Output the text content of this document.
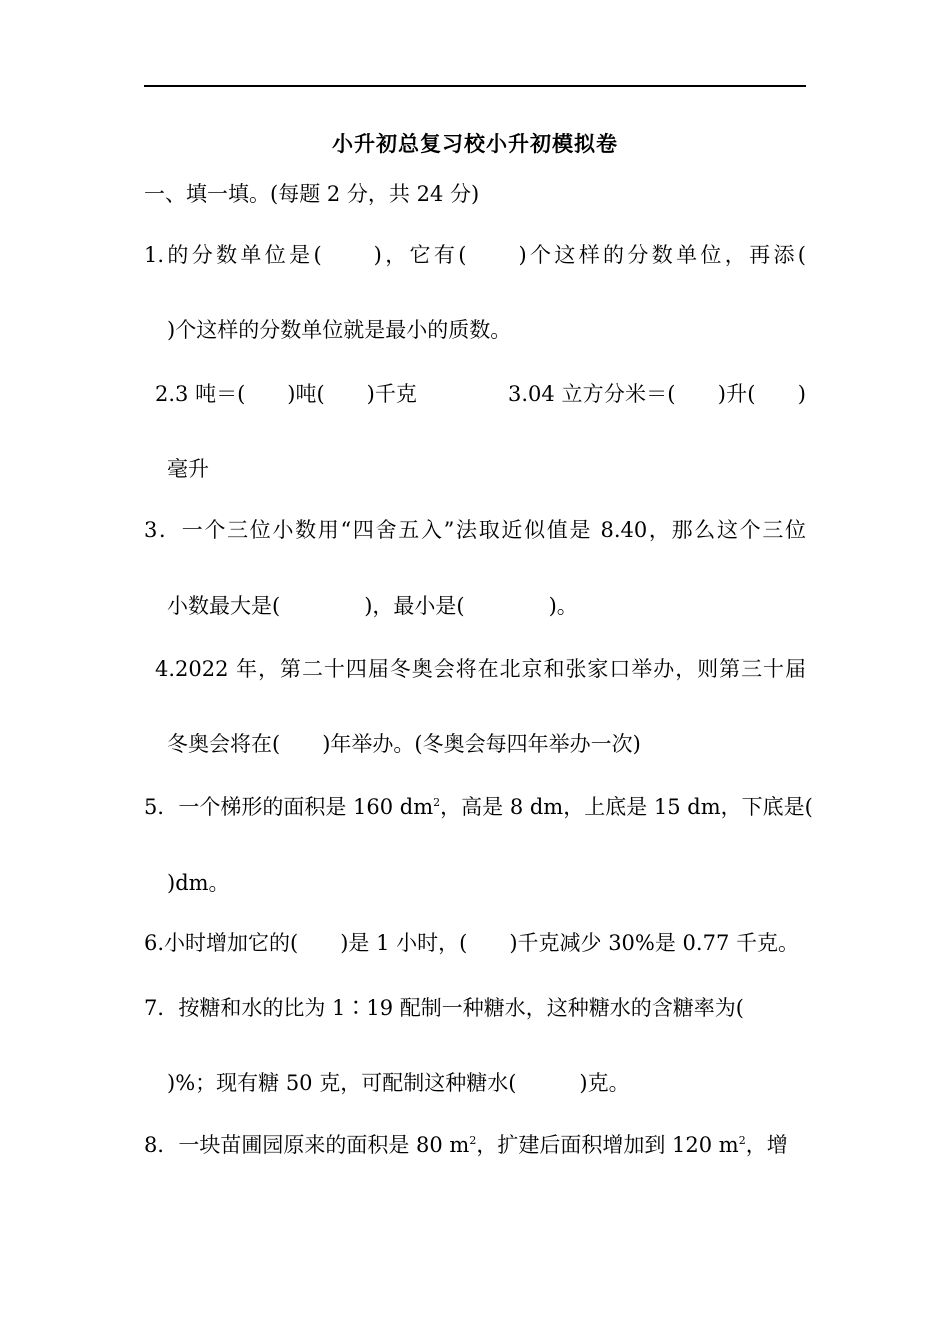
小升初总复习校小升初模拟卷
一、填一填。(每题 2 分，共 24 分)
1.的分数单位是(　　)，它有(　　)个这样的分数单位，再添(
)个这样的分数单位就是最小的质数。
2.3 吨＝(　　)吨(　　)千克	3.04 立方分米＝(　　)升(　　)
毫升
3．一个三位小数用“四舍五入”法取近似值是 8.40，那么这个三位
小数最大是(　　　　)，最小是(　　　　)。
4.2022 年，第二十四届冬奥会将在北京和张家口举办，则第三十届
冬奥会将在(　　)年举办。(冬奥会每四年举办一次)
5．一个梯形的面积是 160 $dm^2$，高是 8 dm，上底是 15 dm，下底是(
)dm。
6.小时增加它的(　　)是 1 小时，(　　)千克减少 30%是 0.77 千克。
7．按糖和水的比为 1∶19 配制一种糖水，这种糖水的含糖率为(
)%；现有糖 50 克，可配制这种糖水(　　　)克。
8．一块苗圃园原来的面积是 80 $m^2$，扩建后面积增加到 120 $m^2$，增
